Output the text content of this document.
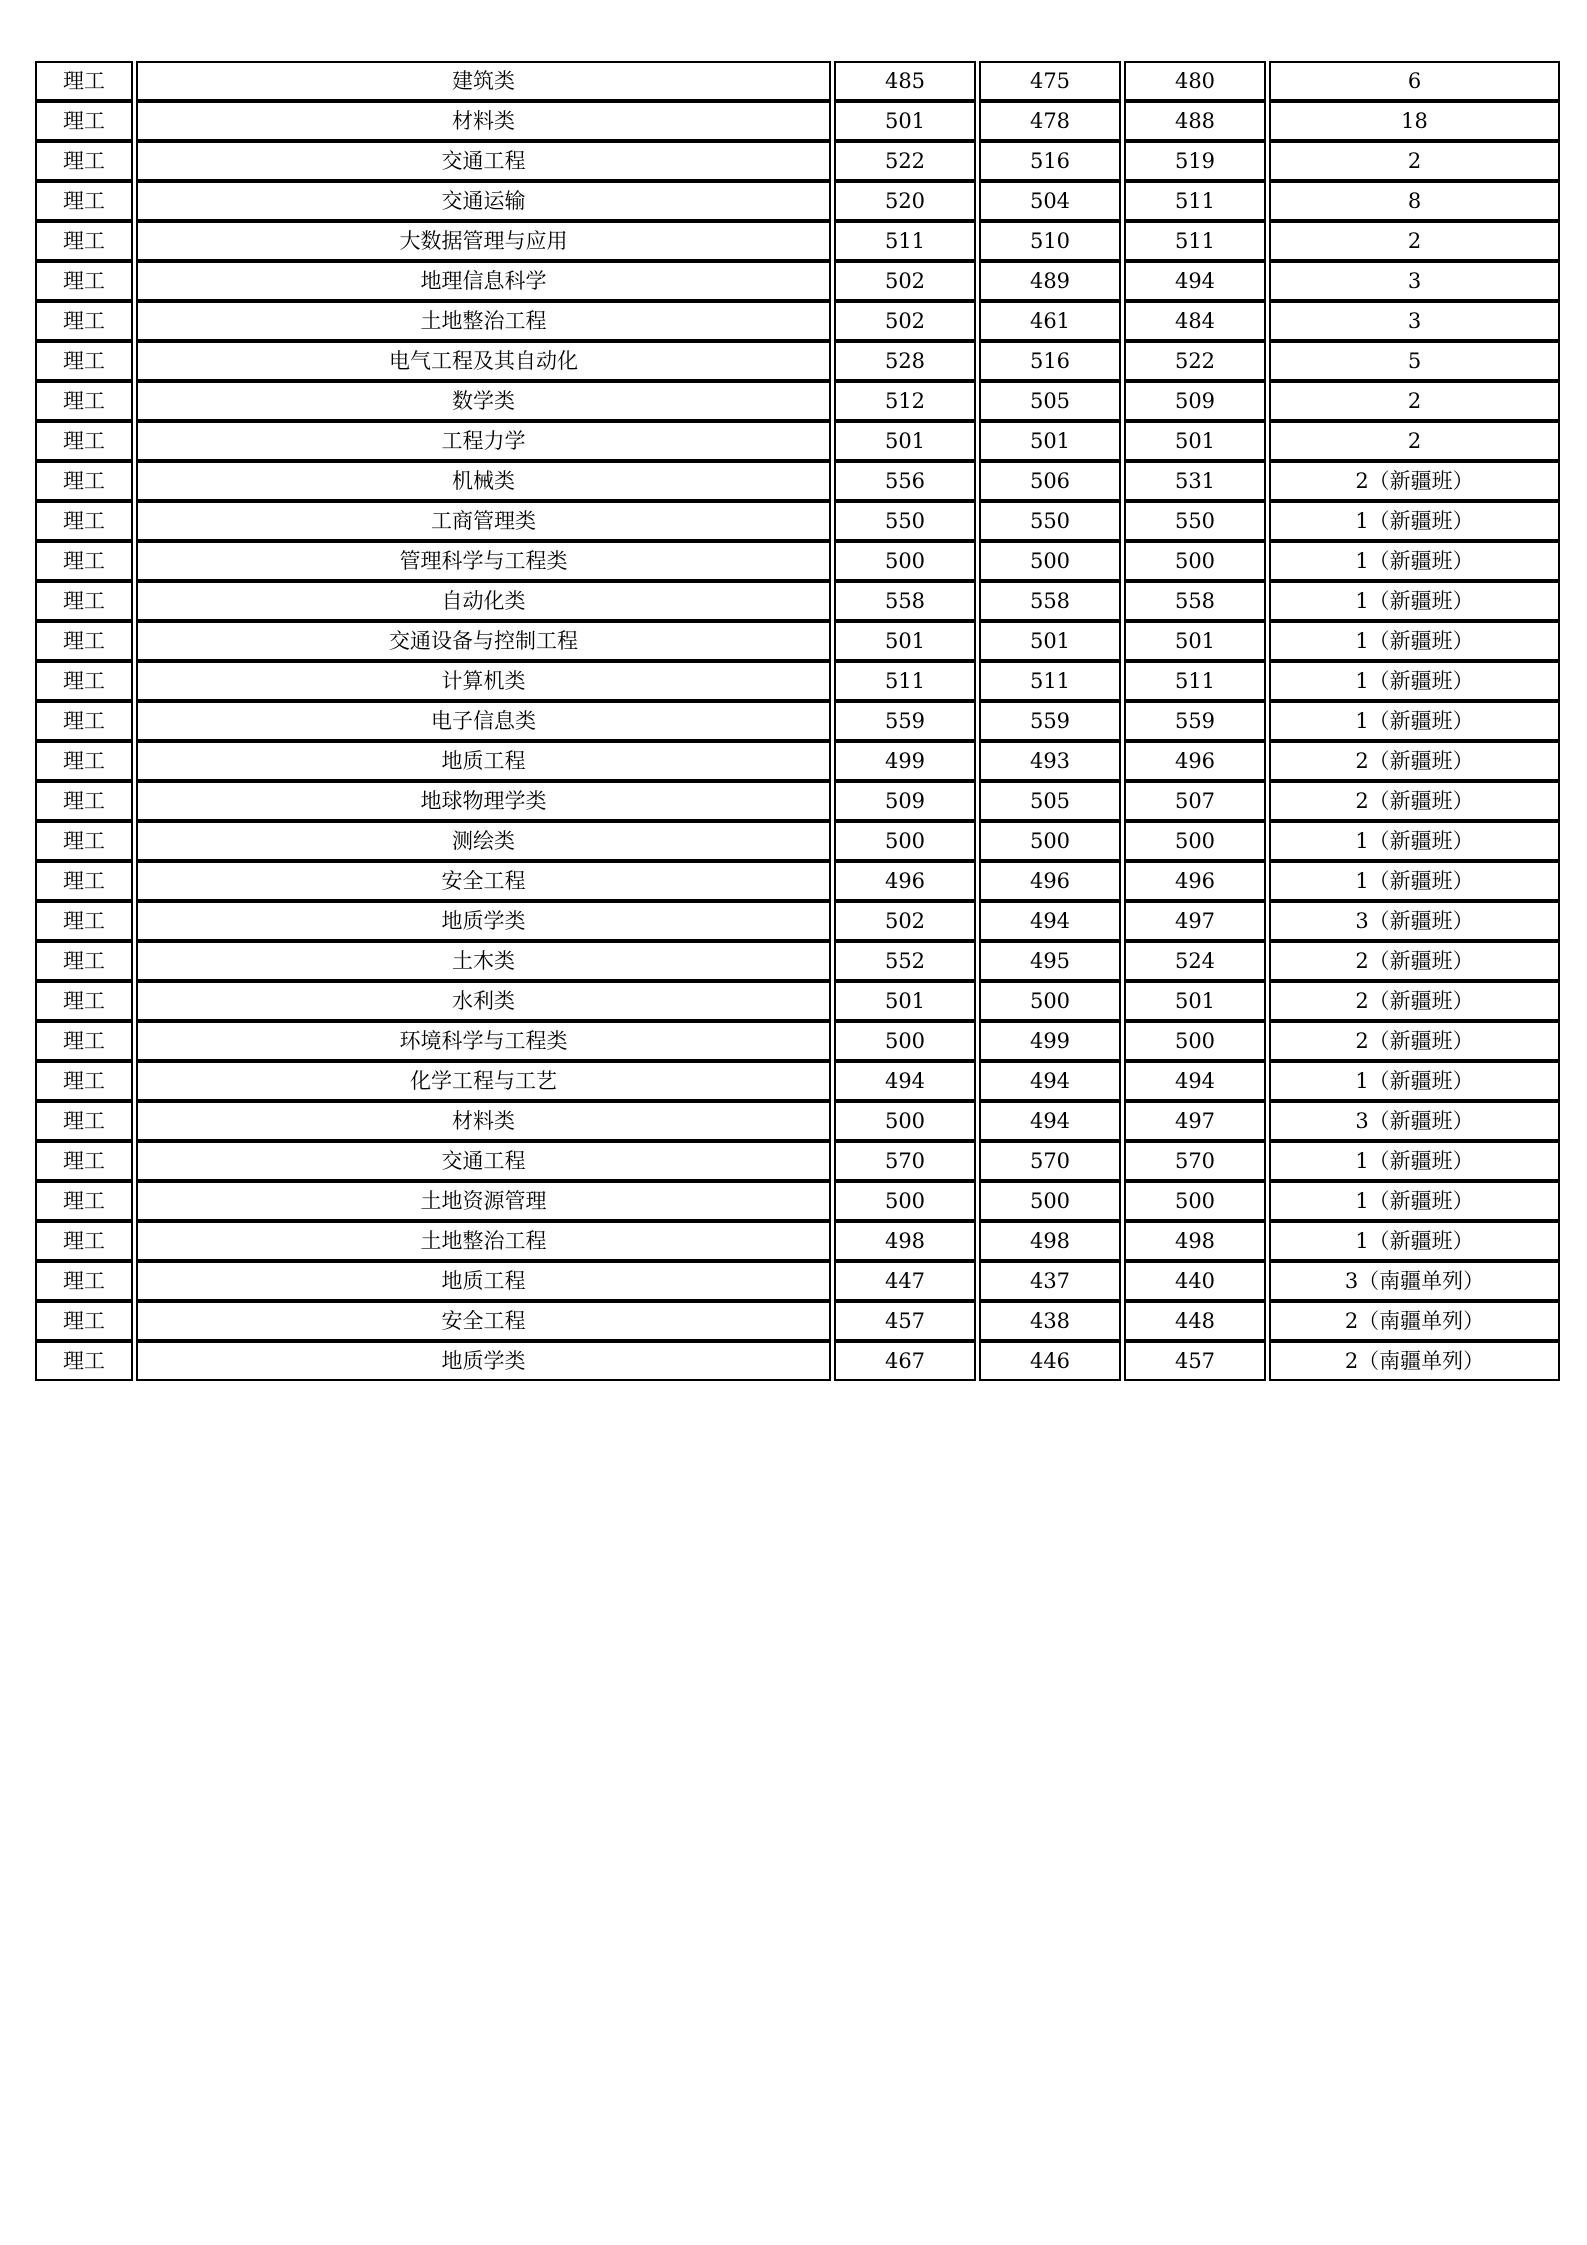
理工	建筑类	485	475	480	6
理工	材料类	501	478	488	18
理工	交通工程	522	516	519	2
理工	交通运输	520	504	511	8
理工	大数据管理与应用	511	510	511	2
理工	地理信息科学	502	489	494	3
理工	土地整治工程	502	461	484	3
理工	电气工程及其自动化	528	516	522	5
理工	数学类	512	505	509	2
理工	工程力学	501	501	501	2
理工	机械类	556	506	531	2（新疆班）
理工	工商管理类	550	550	550	1（新疆班）
理工	管理科学与工程类	500	500	500	1（新疆班）
理工	自动化类	558	558	558	1（新疆班）
理工	交通设备与控制工程	501	501	501	1（新疆班）
理工	计算机类	511	511	511	1（新疆班）
理工	电子信息类	559	559	559	1（新疆班）
理工	地质工程	499	493	496	2（新疆班）
理工	地球物理学类	509	505	507	2（新疆班）
理工	测绘类	500	500	500	1（新疆班）
理工	安全工程	496	496	496	1（新疆班）
理工	地质学类	502	494	497	3（新疆班）
理工	土木类	552	495	524	2（新疆班）
理工	水利类	501	500	501	2（新疆班）
理工	环境科学与工程类	500	499	500	2（新疆班）
理工	化学工程与工艺	494	494	494	1（新疆班）
理工	材料类	500	494	497	3（新疆班）
理工	交通工程	570	570	570	1（新疆班）
理工	土地资源管理	500	500	500	1（新疆班）
理工	土地整治工程	498	498	498	1（新疆班）
理工	地质工程	447	437	440	3（南疆单列）
理工	安全工程	457	438	448	2（南疆单列）
理工	地质学类	467	446	457	2（南疆单列）
